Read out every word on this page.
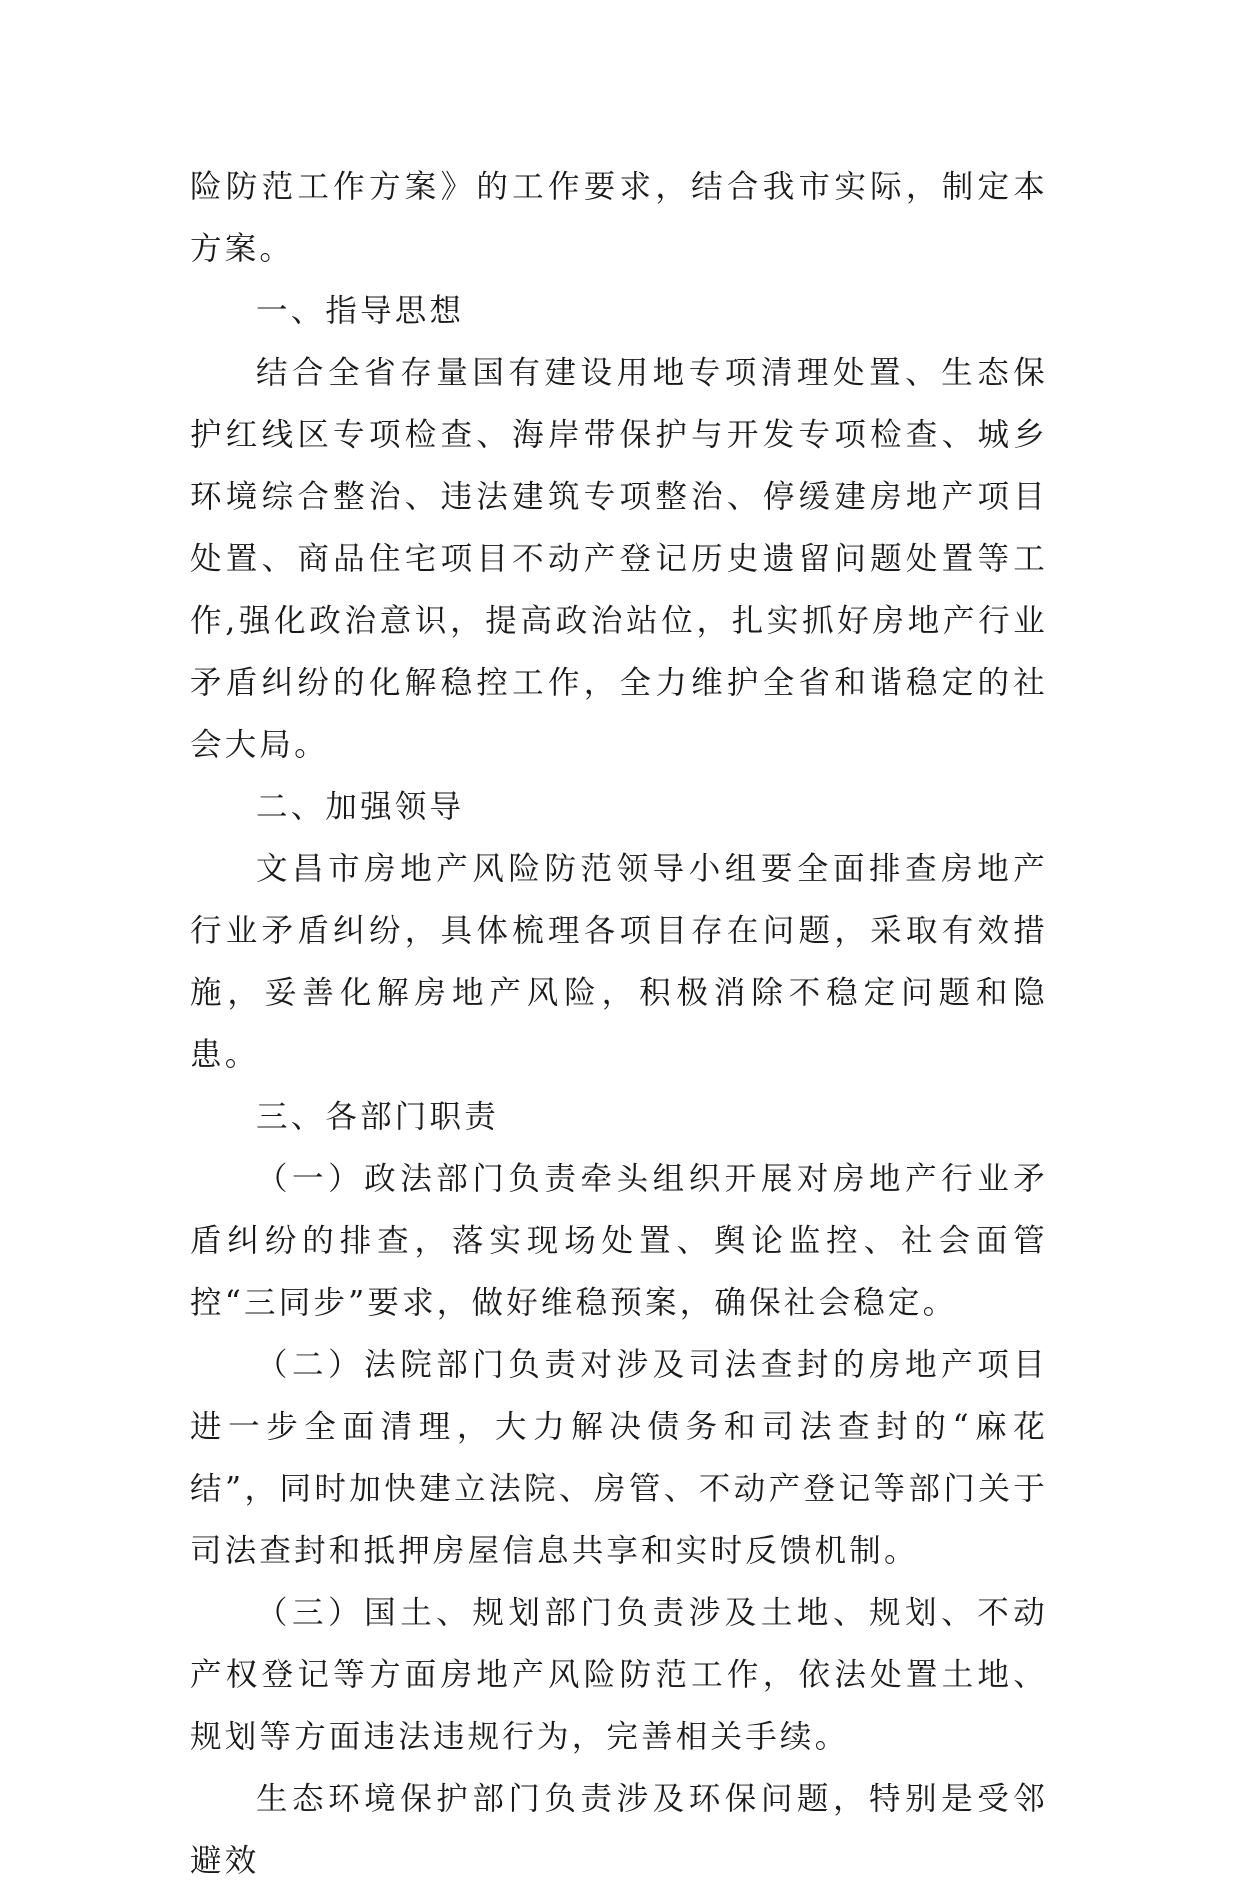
险防范工作方案》的工作要求，结合我市实际，制定本方案。

一、指导思想

结合全省存量国有建设用地专项清理处置、生态保护红线区专项检查、海岸带保护与开发专项检查、城乡环境综合整治、违法建筑专项整治、停缓建房地产项目处置、商品住宅项目不动产登记历史遗留问题处置等工作,强化政治意识，提高政治站位，扎实抓好房地产行业矛盾纠纷的化解稳控工作，全力维护全省和谐稳定的社会大局。

二、加强领导

文昌市房地产风险防范领导小组要全面排查房地产行业矛盾纠纷，具体梳理各项目存在问题，采取有效措施，妥善化解房地产风险，积极消除不稳定问题和隐患。

三、各部门职责

（一）政法部门负责牵头组织开展对房地产行业矛盾纠纷的排查，落实现场处置、舆论监控、社会面管控“三同步”要求，做好维稳预案，确保社会稳定。

（二）法院部门负责对涉及司法查封的房地产项目进一步全面清理，大力解决债务和司法查封的“麻花结”，同时加快建立法院、房管、不动产登记等部门关于司法查封和抵押房屋信息共享和实时反馈机制。

（三）国土、规划部门负责涉及土地、规划、不动产权登记等方面房地产风险防范工作，依法处置土地、规划等方面违法违规行为，完善相关手续。

生态环境保护部门负责涉及环保问题，特别是受邻避效
